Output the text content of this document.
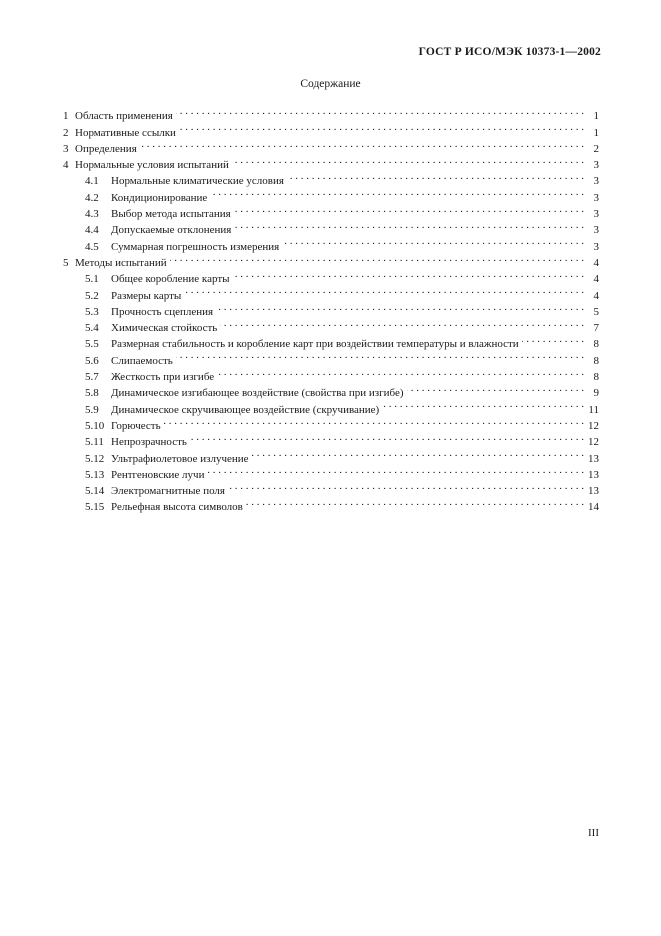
ГОСТ Р ИСО/МЭК 10373-1—2002
Содержание
1 Область применения . . .	1
2 Нормативные ссылки . . .	1
3 Определения . . .	2
4 Нормальные условия испытаний . . .	3
4.1	Нормальные климатические условия . . .	3
4.2	Кондиционирование . . .	3
4.3	Выбор метода испытания . . .	3
4.4	Допускаемые отклонения . . .	3
4.5	Суммарная погрешность измерения . . .	3
5 Методы испытаний . . .	4
5.1	Общее коробление карты . . .	4
5.2	Размеры карты . . .	4
5.3	Прочность сцепления . . .	5
5.4	Химическая стойкость . . .	7
5.5	Размерная стабильность и коробление карт при воздействии температуры и влажности . . .	8
5.6	Слипаемость . . .	8
5.7	Жесткость при изгибе . . .	8
5.8	Динамическое изгибающее воздействие (свойства при изгибе) . . .	9
5.9	Динамическое скручивающее воздействие (скручивание) . . .	11
5.10 Горючесть . . .	12
5.11 Непрозрачность . . .	12
5.12 Ультрафиолетовое излучение . . .	13
5.13 Рентгеновские лучи . . .	13
5.14 Электромагнитные поля . . .	13
5.15 Рельефная высота символов . . .	14
III
